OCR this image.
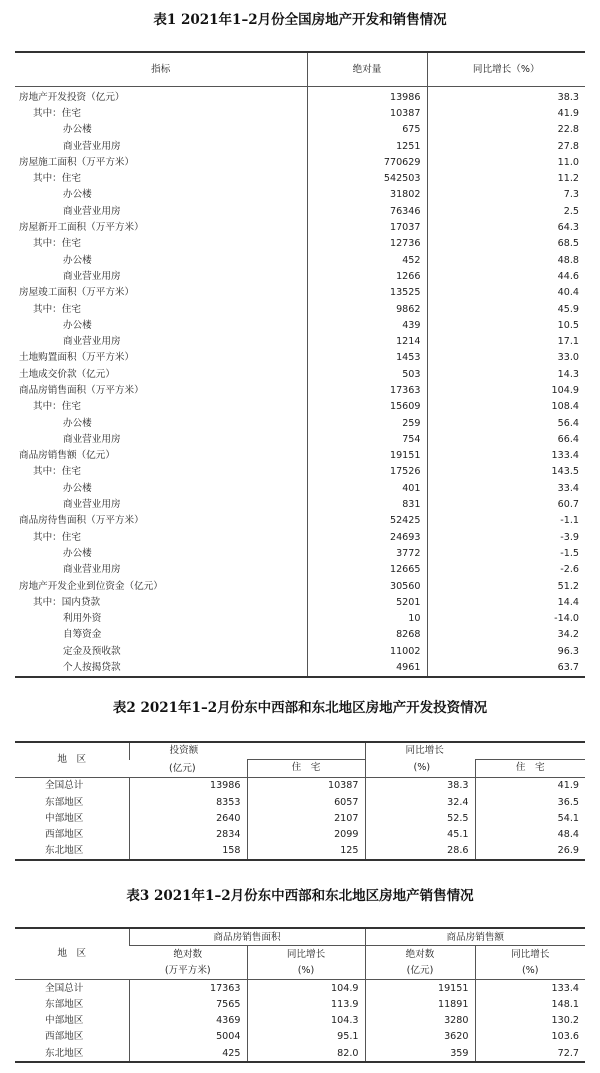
表1 2021年1–2月份全国房地产开发和销售情况

指标	绝对量	同比增长（%）
房地产开发投资（亿元）	13986	38.3
其中：住宅	10387	41.9
办公楼	675	22.8
商业营业用房	1251	27.8
房屋施工面积（万平方米）	770629	11.0
其中：住宅	542503	11.2
办公楼	31802	7.3
商业营业用房	76346	2.5
房屋新开工面积（万平方米）	17037	64.3
其中：住宅	12736	68.5
办公楼	452	48.8
商业营业用房	1266	44.6
房屋竣工面积（万平方米）	13525	40.4
其中：住宅	9862	45.9
办公楼	439	10.5
商业营业用房	1214	17.1
土地购置面积（万平方米）	1453	33.0
土地成交价款（亿元）	503	14.3
商品房销售面积（万平方米）	17363	104.9
其中：住宅	15609	108.4
办公楼	259	56.4
商业营业用房	754	66.4
商品房销售额（亿元）	19151	133.4
其中：住宅	17526	143.5
办公楼	401	33.4
商业营业用房	831	60.7
商品房待售面积（万平方米）	52425	-1.1
其中：住宅	24693	-3.9
办公楼	3772	-1.5
商业营业用房	12665	-2.6
房地产开发企业到位资金（亿元）	30560	51.2
其中：国内贷款	5201	14.4
利用外资	10	-14.0
自筹资金	8268	34.2
定金及预收款	11002	96.3
个人按揭贷款	4961	63.7

表2 2021年1–2月份东中西部和东北地区房地产开发投资情况

地　区	投资额		同比增长	
	(亿元)	住　宅	(%)	住　宅
全国总计	13986	10387	38.3	41.9
东部地区	8353	6057	32.4	36.5
中部地区	2640	2107	52.5	54.1
西部地区	2834	2099	45.1	48.4
东北地区	158	125	28.6	26.9

表3 2021年1–2月份东中西部和东北地区房地产销售情况

地　区	商品房销售面积		商品房销售额	
	绝对数	同比增长	绝对数	同比增长
	(万平方米)	(%)	(亿元)	(%)
全国总计	17363	104.9	19151	133.4
东部地区	7565	113.9	11891	148.1
中部地区	4369	104.3	3280	130.2
西部地区	5004	95.1	3620	103.6
东北地区	425	82.0	359	72.7
